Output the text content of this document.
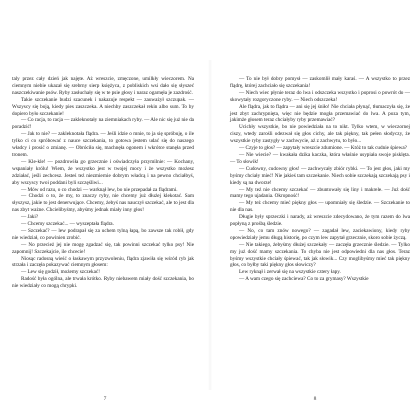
taly przez cały dzień jak najęte. Aż wreszcie, zmęczone, umilkły wieczorem. Na ciemnym niebie ukazał się srebrny sierp księżyca, z pobliskich wsi dało się słyszeć naszczekiwanie psów. Ryby zasłuchały się w te psie głosy i naraz ogarnęła je zazdrość.

Takie szczekanie budzi szacunek i nakazuje respekt — zauważył szczupak. — Wszyscy się boją, kiedy pies zaszczeka. A niechby zaszczekał rekin albo sum. To by dopiero było szczekanie!

— Co racja, to racja — zakleknotały na ziemniakach ryby. — Ale nic się już nie da poradzić!

— Jak to nie? — zakleknotała flądra. — Jeśli idzie o mnie, to ja się spróbuję, o ile tylko ci co spróbować z nauce szczekania, to gotowa jestem udać się do naszego władcy i prosić o zmianę. — Obróciła się, machnęła ogonem i wkrótce stanęła przed tronem.

— Kle-kle! — pozdrowiła go grzecznie i oświadczyła przymilnie: — Kochany, wspaniały królu! Wiem, że wszystko jest w twojej mocy i że wszystko możesz zdziałać, jeśli zechcesz. Jesteś też niezmiernie dobrym władcą i na pewno chciałbyś, aby wszyscy twoi poddani byli szczęśliwi...

— Mów od razu, o co chodzi — warknął lew, bo nie przepadał za flądrami.

— Chodzi o to, że my, to znaczy ryby, nie chcemy już dłużej klekotać. Sam słyszysz, jakie to jest denerwujące. Chcemy, żebyś nas nauczył szczekać, ale to jest dla nas zbyt ważne. Chcielibyśmy, abyśmy jednak miały inny głos!

— Jaki?

— Chcemy szczekać... — wyszeptała flądra.

— Szczekać? — lew podrapał się za uchem tylną łapą, bo zawsze tak robił, gdy nie wiedział, co powinien zrobić.

— No przecież jej nie mogę zgadzać się, tak powinni szczekać tylko psy! Nie zapomnij! Szczekajcie, ile chcecie!

Niosąc radosną wieść o łaskawym przyzwoleniu, flądra zjawiła się wśród ryb jak strzała i zaczęła pokazywać ciemnym głosem:

— Lew się godził, możemy szczekać!

Radość była ogólna, ale trwała krótko. Ryby niebawem miały dość szczekania, bo nie wiedziały co mogą chrypki.

7

— To nie był dobry pomysł — zaskomlił mały karaś. — A wszystko to przez flądrę, której zachciało się szczekania!

— Niech wiec płynie teraz do lwa i odszczeka wszystko i poprosi o powrót do — skowytały rozgoryczone ryby. — Niech odszczeka!

Ale flądra, jak to flądra — ani się jej śniło! Nie chciała płynąć, tłumaczyła się, że jest zbyt zachrypnięta, więc nie będzie mogła przemawiać do lwa. A poza tym, jakimże głosem teraz chciałyby ryby przemawiać?

Ucichły wszystkie, bo nie powiedziała na to nikt. Tylko wtem, w wieczornej ciszy, wtedy zarośli odezwał się głos cichy, ale tak piękny, tak pełen słodyczy, że wszystkie ryby zastygły w zachwycie, aż z zachwytu, to było...

— Czyje to głos? — zapytały wreszcie zdumione. — Któż to tak cudnie śpiewa?

— Nie wiecie? — kwakała dzika kaczka, która właśnie usypiała swoje pisklęta. — To słowik!

— Cudowny, cudowny głos! — zachwycały zbiór rybki. — To jest głos, jaki my byśmy chciały mieć! Nie jakieś tam szczekanie. Niech sobie szczekają szczekają psy i kiedy są na dworze!

— My też nie chcemy szczekać — zbuntowały się liny i makrele. — Już dość mamy tego ujadania. Okropność!

— My też chcemy mieć piękny głos — upomniały się śledzie. — Szczekanie to nie dla nas.

Długie były sprzeczki i narady, aż wreszcie zdecydowano, że tym razem do lwa popłyną z prośbą śledzie.

— No, co tam znów nowego? — zagadał lew, zaciekawiony, kiedy ryby opowiedziały jemu długą historię, po czym lew zapytał grzecznie, skoro sobie życzą.

— Nie takiego, żebyśmy dłużej szczekały — zaczęła grzecznie śledzie. — Tylko my już dość mamy szczekania. To chyba nie jest odpowiedni dla nas głos. Teraz byśmy wszystkie chciały śpiewać, tak jak słowik... Czy moglibyśmy mieć tak piękny głos, co byłby taki piękny głos słowiczy?

Lew ryknął i zerwał się na wszystkie cztery łapy.

— A wam czego się zachciewa? Co to za grymasy? Wszystkie

8
